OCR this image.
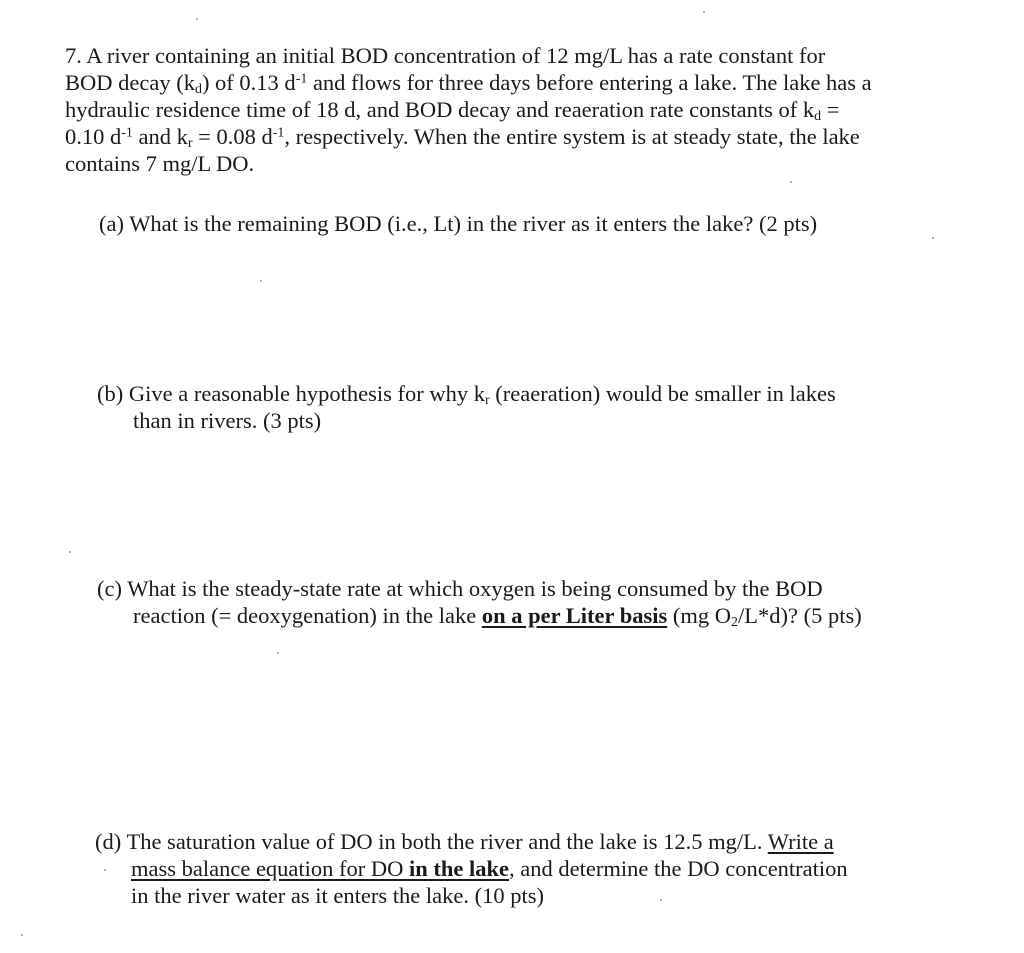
7. A river containing an initial BOD concentration of 12 mg/L has a rate constant for
BOD decay $(k_d)$ of 0.13 $d^{-1}$ and flows for three days before entering a lake. The lake has a
hydraulic residence time of 18 d, and BOD decay and reaeration rate constants of $k_d$ =
0.10 $d^{-1}$ and $k_r = 0.08$ $d^{-1}$, respectively. When the entire system is at steady state, the lake
contains 7 mg/L DO.
(a) What is the remaining BOD (i.e., Lt) in the river as it enters the lake? (2 pts)
(b) Give a reasonable hypothesis for why $k_r$ (reaeration) would be smaller in lakes
than in rivers. (3 pts)
(c) What is the steady-state rate at which oxygen is being consumed by the BOD
reaction (= deoxygenation) in the lake on a per Liter basis (mg $O_2/L*d$)? (5 pts)
(d) The saturation value of DO in both the river and the lake is 12.5 mg/L. Write a
mass balance equation for DO in the lake, and determine the DO concentration
in the river water as it enters the lake. (10 pts)
